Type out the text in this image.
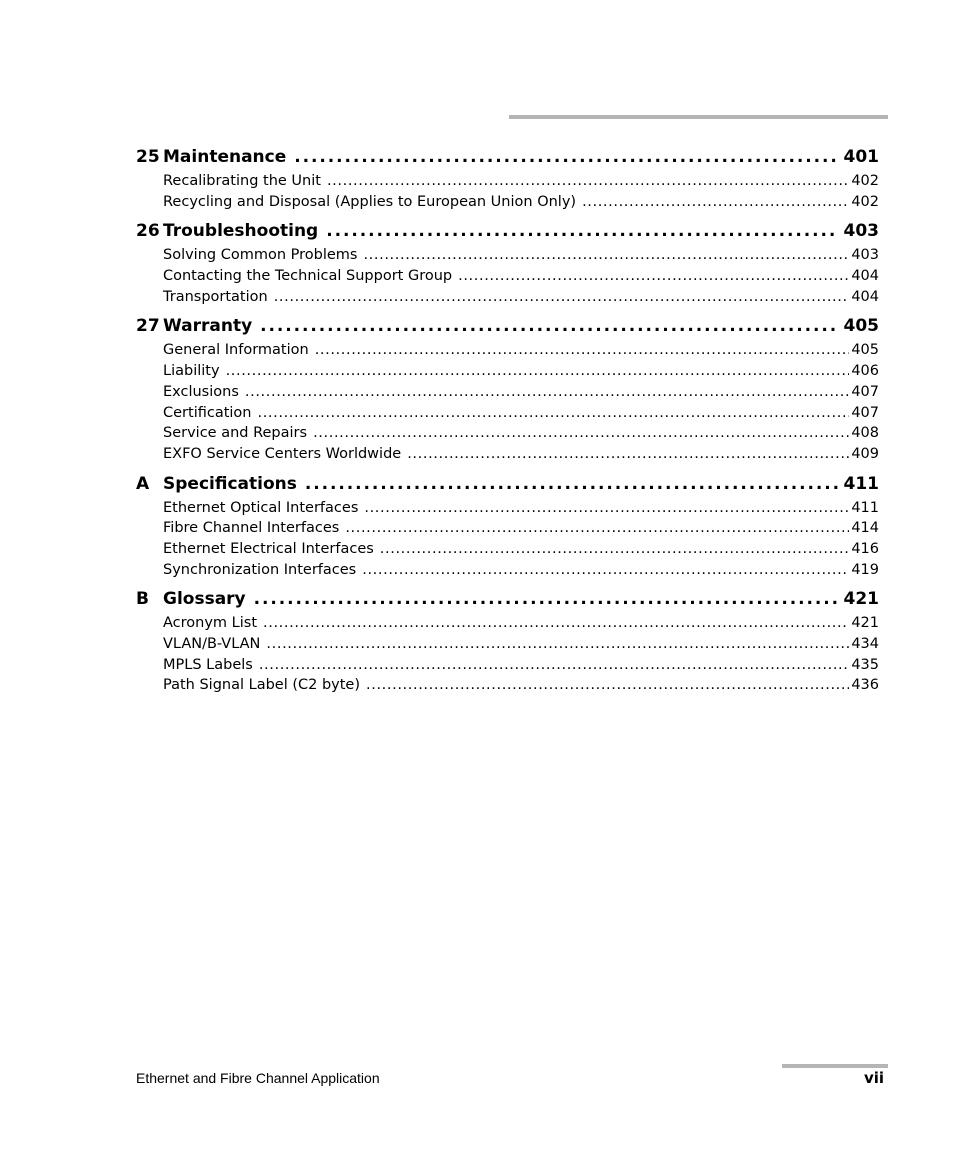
25 Maintenance . . .	401
Recalibrating the Unit . . .	402
Recycling and Disposal (Applies to European Union Only) . . .	402
26 Troubleshooting . . .	403
Solving Common Problems . . .	403
Contacting the Technical Support Group . . .	404
Transportation . . .	404
27 Warranty . . .	405
General Information . . .	405
Liability . . .	406
Exclusions . . .	407
Certification . . .	407
Service and Repairs . . .	408
EXFO Service Centers Worldwide . . .	409
A Specifications . . .	411
Ethernet Optical Interfaces . . .	411
Fibre Channel Interfaces . . .	414
Ethernet Electrical Interfaces . . .	416
Synchronization Interfaces . . .	419
B Glossary . . .	421
Acronym List . . .	421
VLAN/B-VLAN . . .	434
MPLS Labels . . .	435
Path Signal Label (C2 byte) . . .	436
Ethernet and Fibre Channel Application	vii
